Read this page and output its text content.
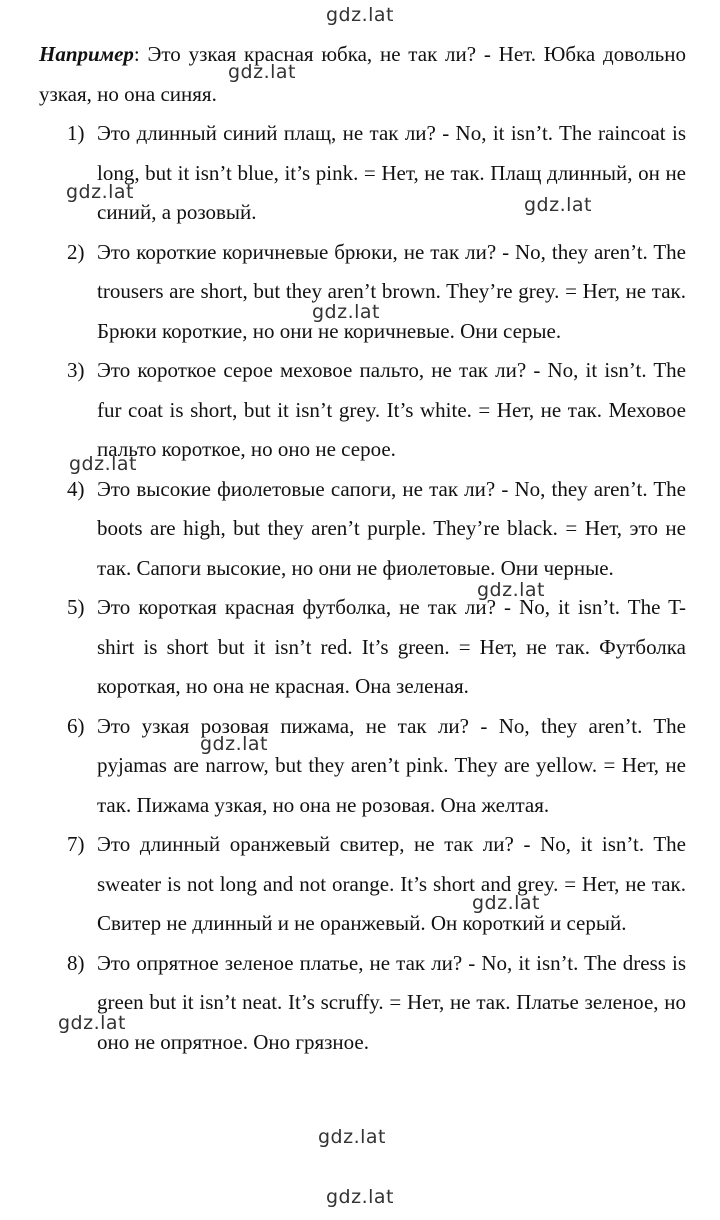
gdz.lat
gdz.lat
gdz.lat
gdz.lat
gdz.lat
gdz.lat
gdz.lat
gdz.lat
gdz.lat
gdz.lat
gdz.lat
gdz.lat

Например: Это узкая красная юбка, не так ли? - Нет. Юбка довольно узкая, но она синяя.

1) Это длинный синий плащ, не так ли? - No, it isn’t. The raincoat is long, but it isn’t blue, it’s pink. = Нет, не так. Плащ длинный, он не синий, а розовый.
2) Это короткие коричневые брюки, не так ли? - No, they aren’t. The trousers are short, but they aren’t brown. They’re grey. = Нет, не так. Брюки короткие, но они не коричневые. Они серые.
3) Это короткое серое меховое пальто, не так ли? - No, it isn’t. The fur coat is short, but it isn’t grey. It’s white. = Нет, не так. Меховое пальто короткое, но оно не серое.
4) Это высокие фиолетовые сапоги, не так ли? - No, they aren’t. The boots are high, but they aren’t purple. They’re black. = Нет, это не так. Сапоги высокие, но они не фиолетовые. Они черные.
5) Это короткая красная футболка, не так ли? - No, it isn’t. The T-shirt is short but it isn’t red. It’s green. = Нет, не так. Футболка короткая, но она не красная. Она зеленая.
6) Это узкая розовая пижама, не так ли? - No, they aren’t. The pyjamas are narrow, but they aren’t pink. They are yellow. = Нет, не так. Пижама узкая, но она не розовая. Она желтая.
7) Это длинный оранжевый свитер, не так ли? - No, it isn’t. The sweater is not long and not orange. It’s short and grey. = Нет, не так. Свитер не длинный и не оранжевый. Он короткий и серый.
8) Это опрятное зеленое платье, не так ли? - No, it isn’t. The dress is green but it isn’t neat. It’s scruffy. = Нет, не так. Платье зеленое, но оно не опрятное. Оно грязное.
